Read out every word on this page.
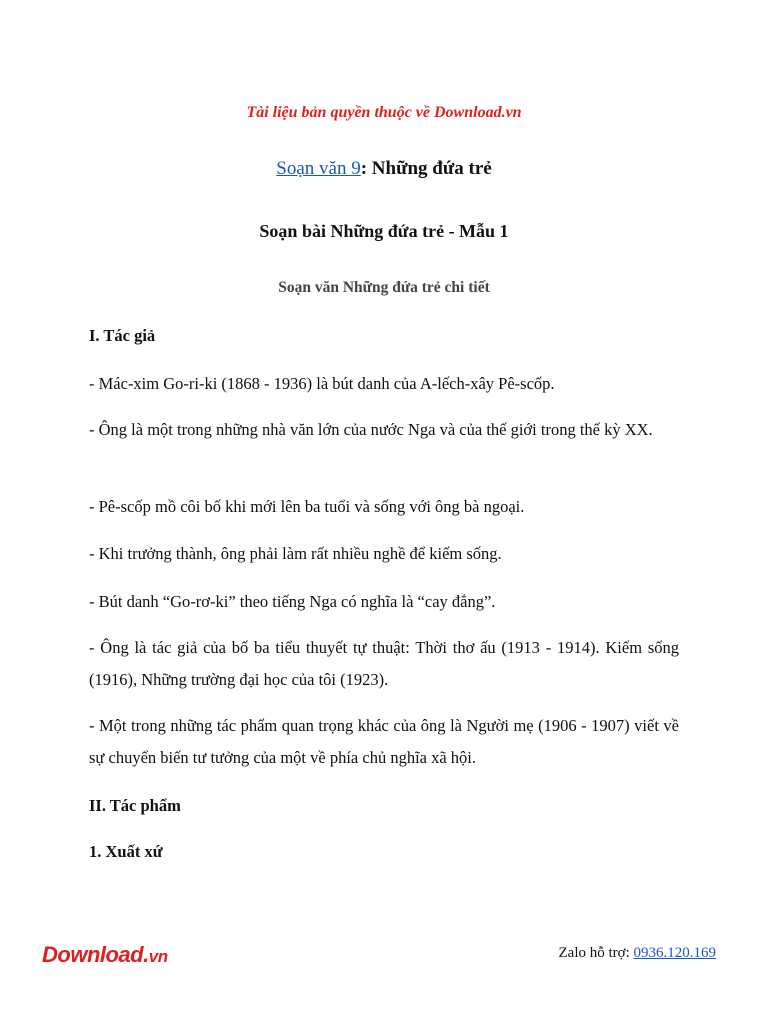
Tài liệu bản quyền thuộc về Download.vn
Soạn văn 9: Những đứa trẻ
Soạn bài Những đứa trẻ - Mẫu 1
Soạn văn Những đứa trẻ chi tiết
I. Tác giả
- Mác-xim Go-ri-ki (1868 - 1936) là bút danh của A-lếch-xây Pê-scốp.
- Ông là một trong những nhà văn lớn của nước Nga và của thế giới trong thế kỳ XX.
- Pê-scốp mồ côi bố khi mới lên ba tuổi và sống với ông bà ngoại.
- Khi trưởng thành, ông phải làm rất nhiều nghề để kiếm sống.
- Bút danh “Go-rơ-ki” theo tiếng Nga có nghĩa là “cay đắng”.
- Ông là tác giả của bố ba tiểu thuyết tự thuật: Thời thơ ấu (1913 - 1914). Kiếm sống (1916), Những trường đại học của tôi (1923).
- Một trong những tác phẩm quan trọng khác của ông là Người mẹ (1906 - 1907) viết về sự chuyển biến tư tưởng của một về phía chủ nghĩa xã hội.
II. Tác phẩm
1. Xuất xứ
Download.vn	Zalo hỗ trợ: 0936.120.169
